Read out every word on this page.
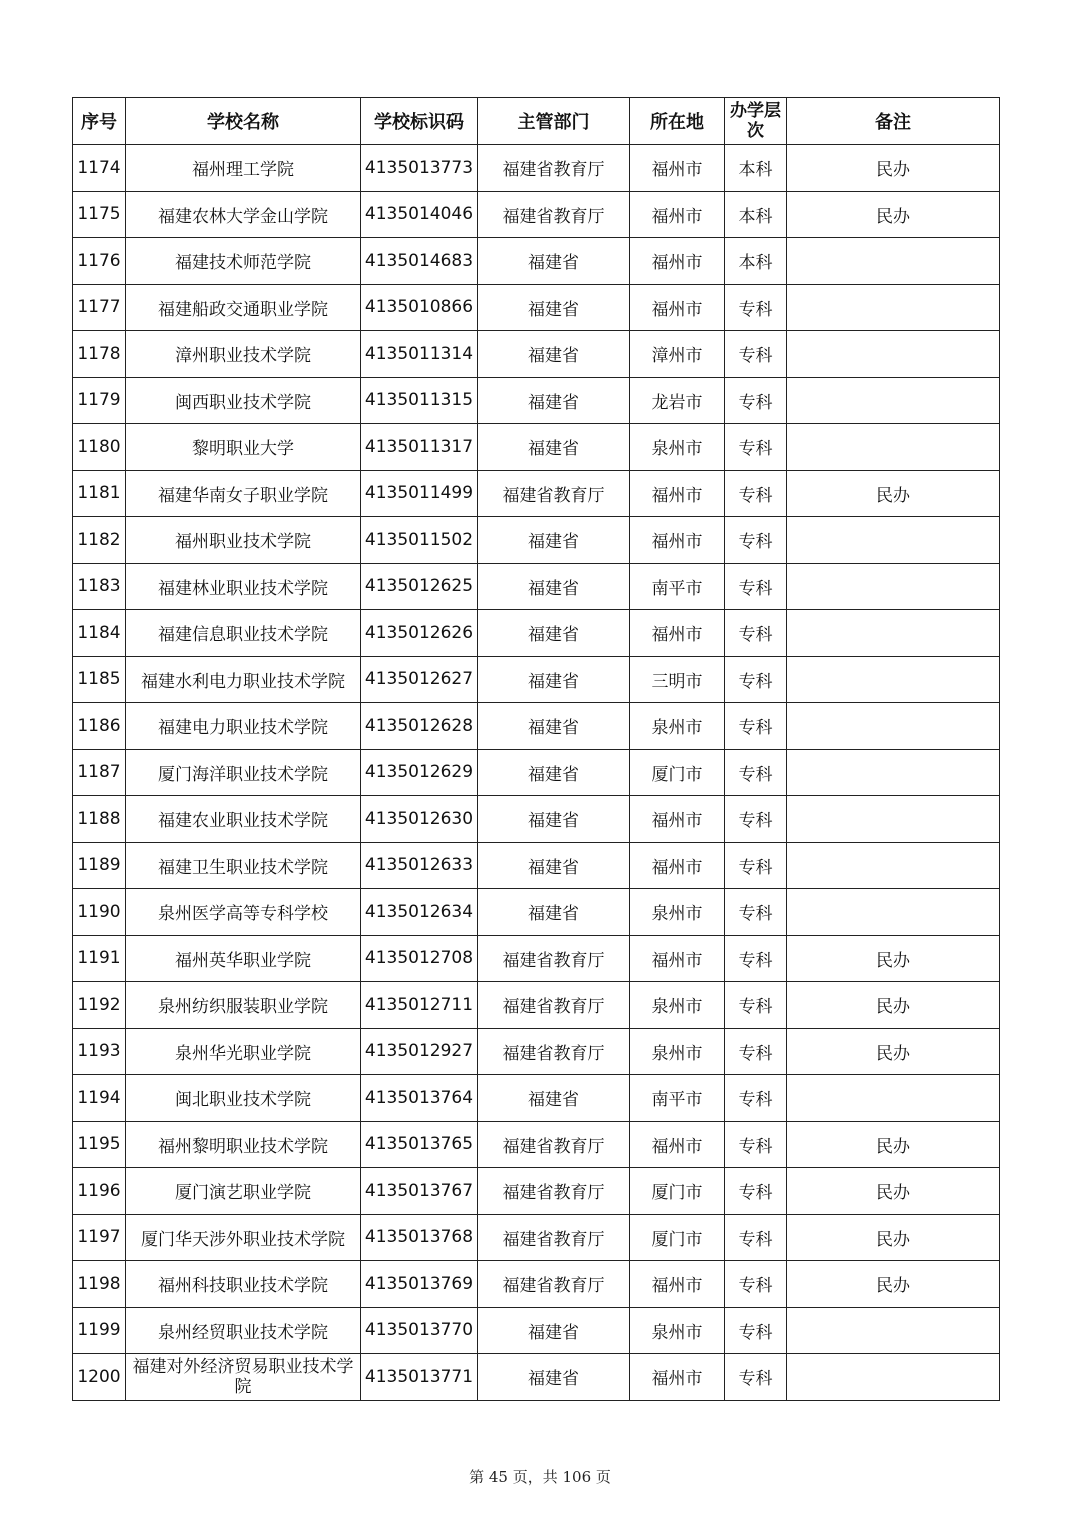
序号	学校名称	学校标识码	主管部门	所在地	办学层次	备注
1174	福州理工学院	4135013773	福建省教育厅	福州市	本科	民办
1175	福建农林大学金山学院	4135014046	福建省教育厅	福州市	本科	民办
1176	福建技术师范学院	4135014683	福建省	福州市	本科	
1177	福建船政交通职业学院	4135010866	福建省	福州市	专科	
1178	漳州职业技术学院	4135011314	福建省	漳州市	专科	
1179	闽西职业技术学院	4135011315	福建省	龙岩市	专科	
1180	黎明职业大学	4135011317	福建省	泉州市	专科	
1181	福建华南女子职业学院	4135011499	福建省教育厅	福州市	专科	民办
1182	福州职业技术学院	4135011502	福建省	福州市	专科	
1183	福建林业职业技术学院	4135012625	福建省	南平市	专科	
1184	福建信息职业技术学院	4135012626	福建省	福州市	专科	
1185	福建水利电力职业技术学院	4135012627	福建省	三明市	专科	
1186	福建电力职业技术学院	4135012628	福建省	泉州市	专科	
1187	厦门海洋职业技术学院	4135012629	福建省	厦门市	专科	
1188	福建农业职业技术学院	4135012630	福建省	福州市	专科	
1189	福建卫生职业技术学院	4135012633	福建省	福州市	专科	
1190	泉州医学高等专科学校	4135012634	福建省	泉州市	专科	
1191	福州英华职业学院	4135012708	福建省教育厅	福州市	专科	民办
1192	泉州纺织服装职业学院	4135012711	福建省教育厅	泉州市	专科	民办
1193	泉州华光职业学院	4135012927	福建省教育厅	泉州市	专科	民办
1194	闽北职业技术学院	4135013764	福建省	南平市	专科	
1195	福州黎明职业技术学院	4135013765	福建省教育厅	福州市	专科	民办
1196	厦门演艺职业学院	4135013767	福建省教育厅	厦门市	专科	民办
1197	厦门华天涉外职业技术学院	4135013768	福建省教育厅	厦门市	专科	民办
1198	福州科技职业技术学院	4135013769	福建省教育厅	福州市	专科	民办
1199	泉州经贸职业技术学院	4135013770	福建省	泉州市	专科	
1200	福建对外经济贸易职业技术学院	4135013771	福建省	福州市	专科	
第 45 页，共 106 页
